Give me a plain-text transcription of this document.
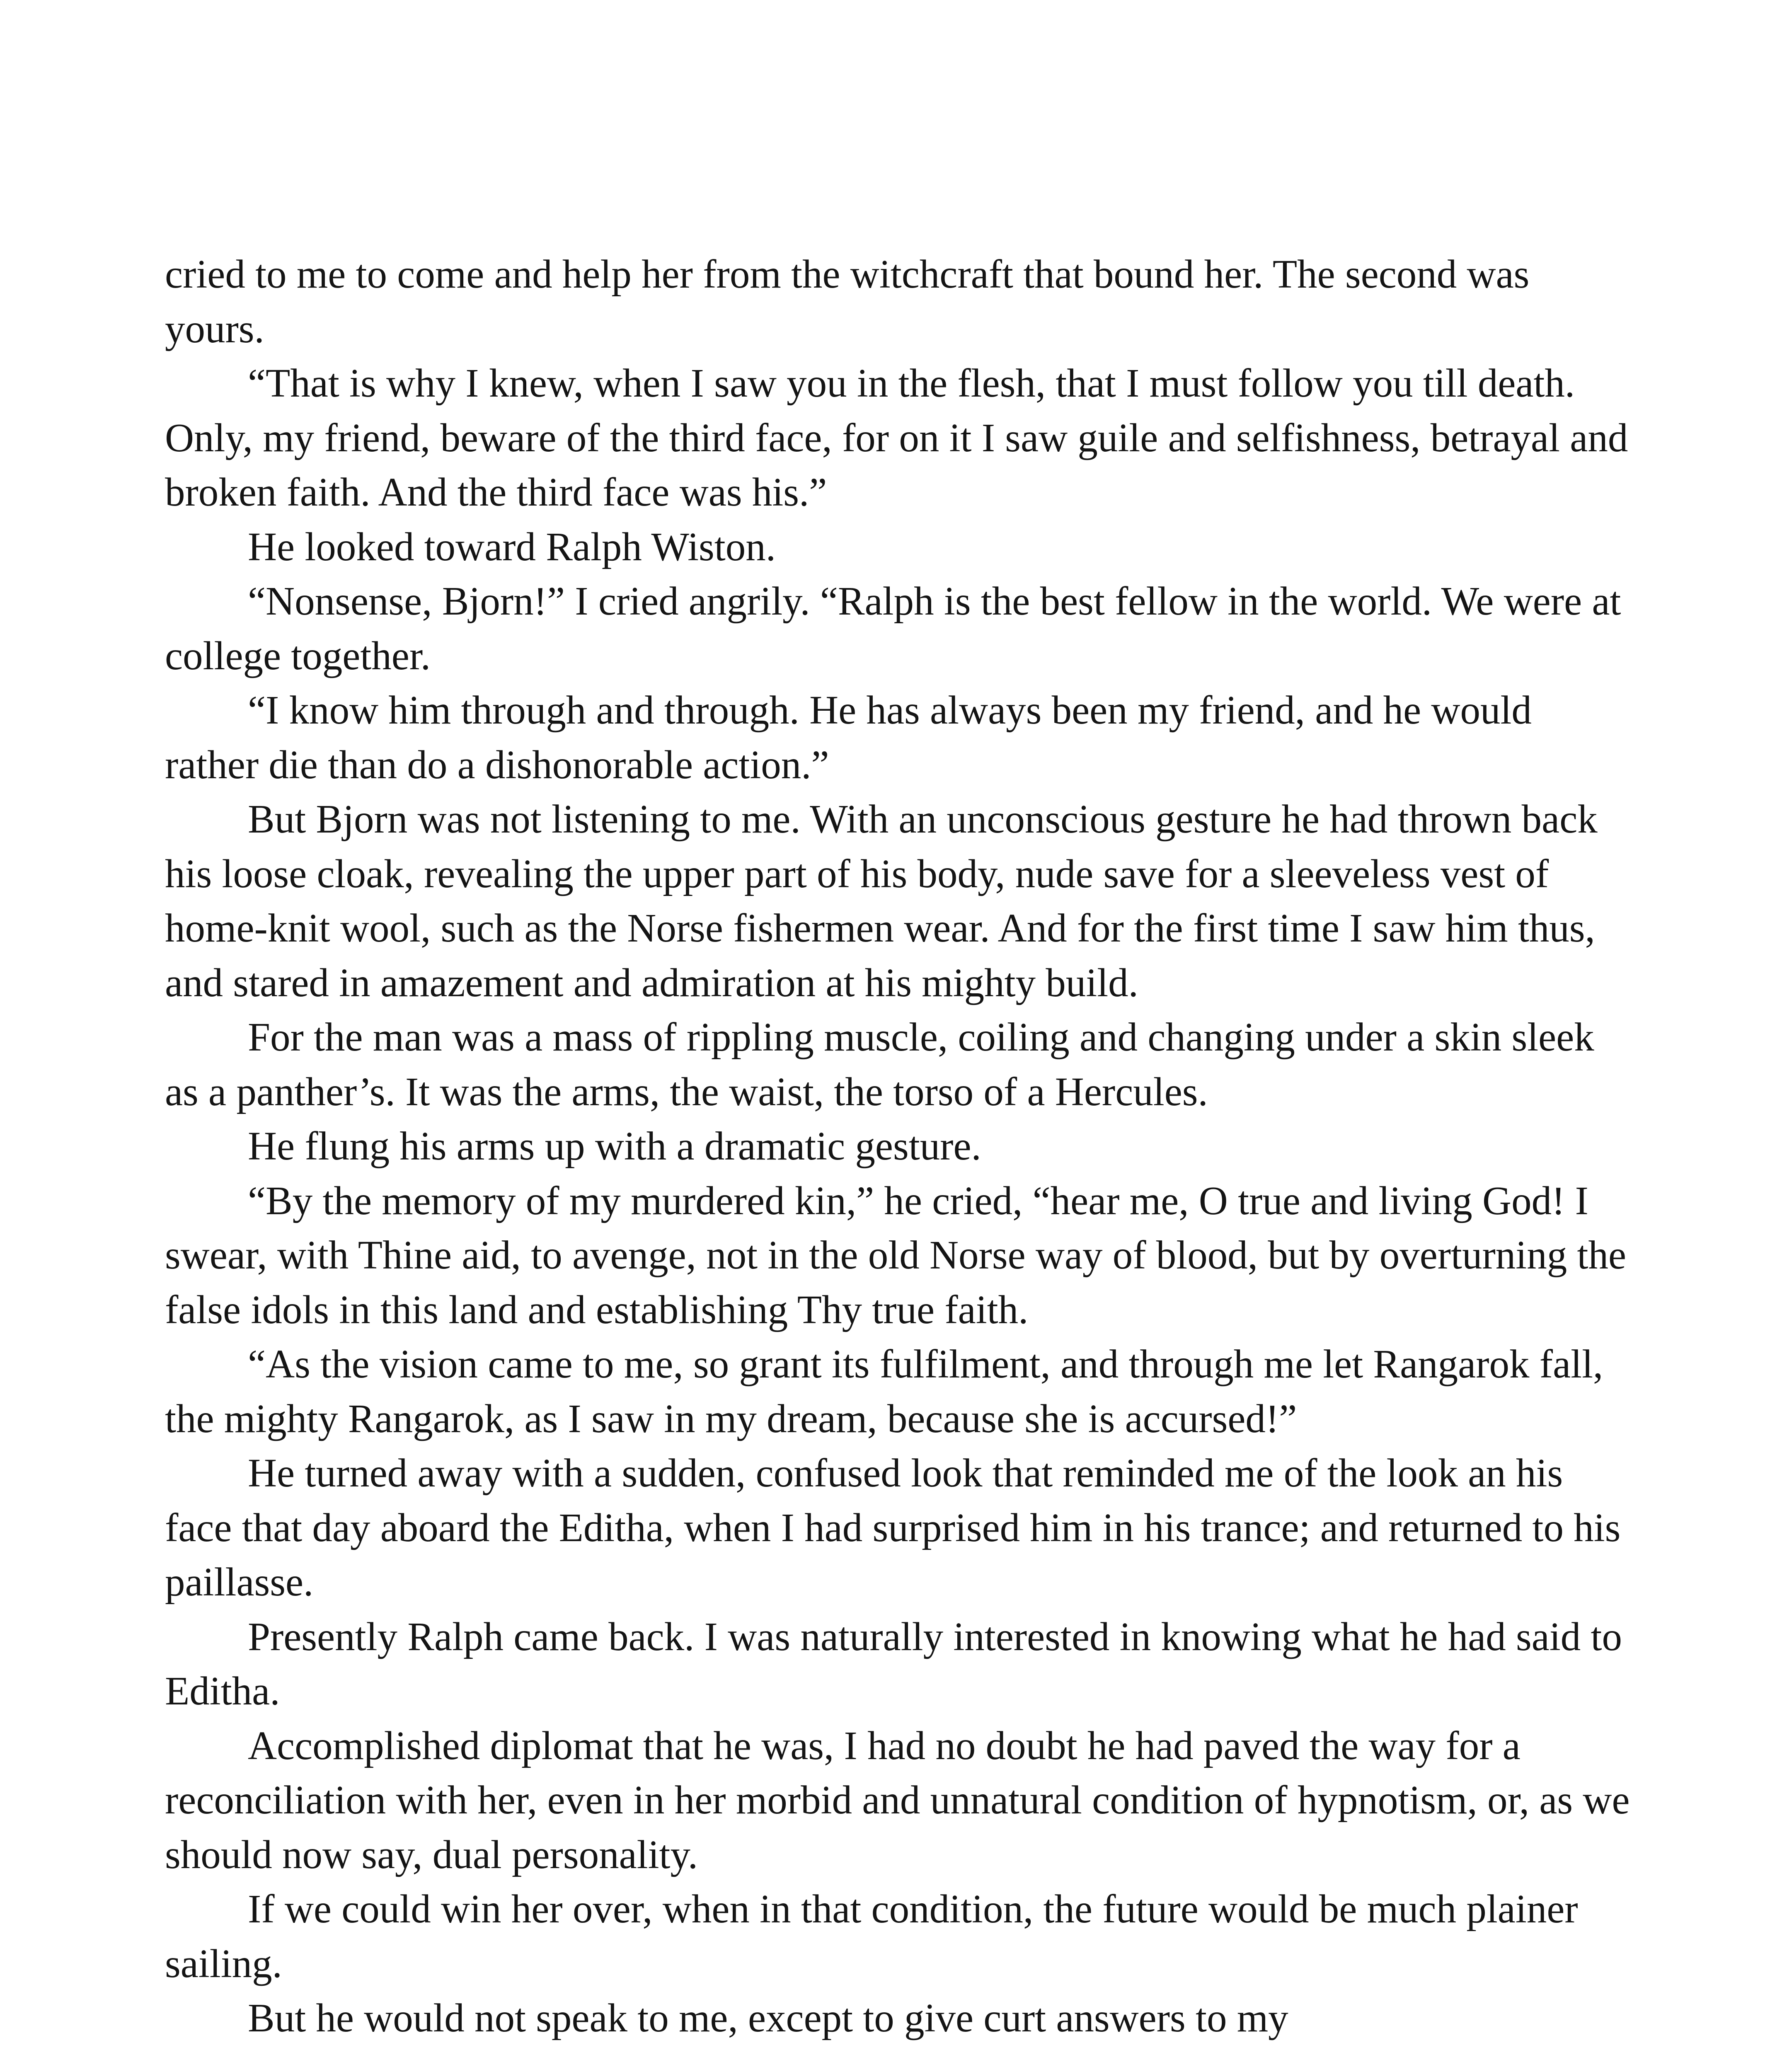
cried to me to come and help her from the witchcraft that bound her. The second was yours.

“That is why I knew, when I saw you in the flesh, that I must follow you till death. Only, my friend, beware of the third face, for on it I saw guile and selfishness, betrayal and broken faith. And the third face was his.”

He looked toward Ralph Wiston.

“Nonsense, Bjorn!” I cried angrily. “Ralph is the best fellow in the world. We were at college together.

“I know him through and through. He has always been my friend, and he would rather die than do a dishonorable action.”

But Bjorn was not listening to me. With an unconscious gesture he had thrown back his loose cloak, revealing the upper part of his body, nude save for a sleeveless vest of home-knit wool, such as the Norse fishermen wear. And for the first time I saw him thus, and stared in amazement and admiration at his mighty build.

For the man was a mass of rippling muscle, coiling and changing under a skin sleek as a panther’s. It was the arms, the waist, the torso of a Hercules.

He flung his arms up with a dramatic gesture.

“By the memory of my murdered kin,” he cried, “hear me, O true and living God! I swear, with Thine aid, to avenge, not in the old Norse way of blood, but by overturning the false idols in this land and establishing Thy true faith.

“As the vision came to me, so grant its fulfilment, and through me let Rangarok fall, the mighty Rangarok, as I saw in my dream, because she is accursed!”

He turned away with a sudden, confused look that reminded me of the look an his face that day aboard the Editha, when I had surprised him in his trance; and returned to his paillasse.

Presently Ralph came back. I was naturally interested in knowing what he had said to Editha.

Accomplished diplomat that he was, I had no doubt he had paved the way for a reconciliation with her, even in her morbid and unnatural condition of hypnotism, or, as we should now say, dual personality.

If we could win her over, when in that condition, the future would be much plainer sailing.

But he would not speak to me, except to give curt answers to my
